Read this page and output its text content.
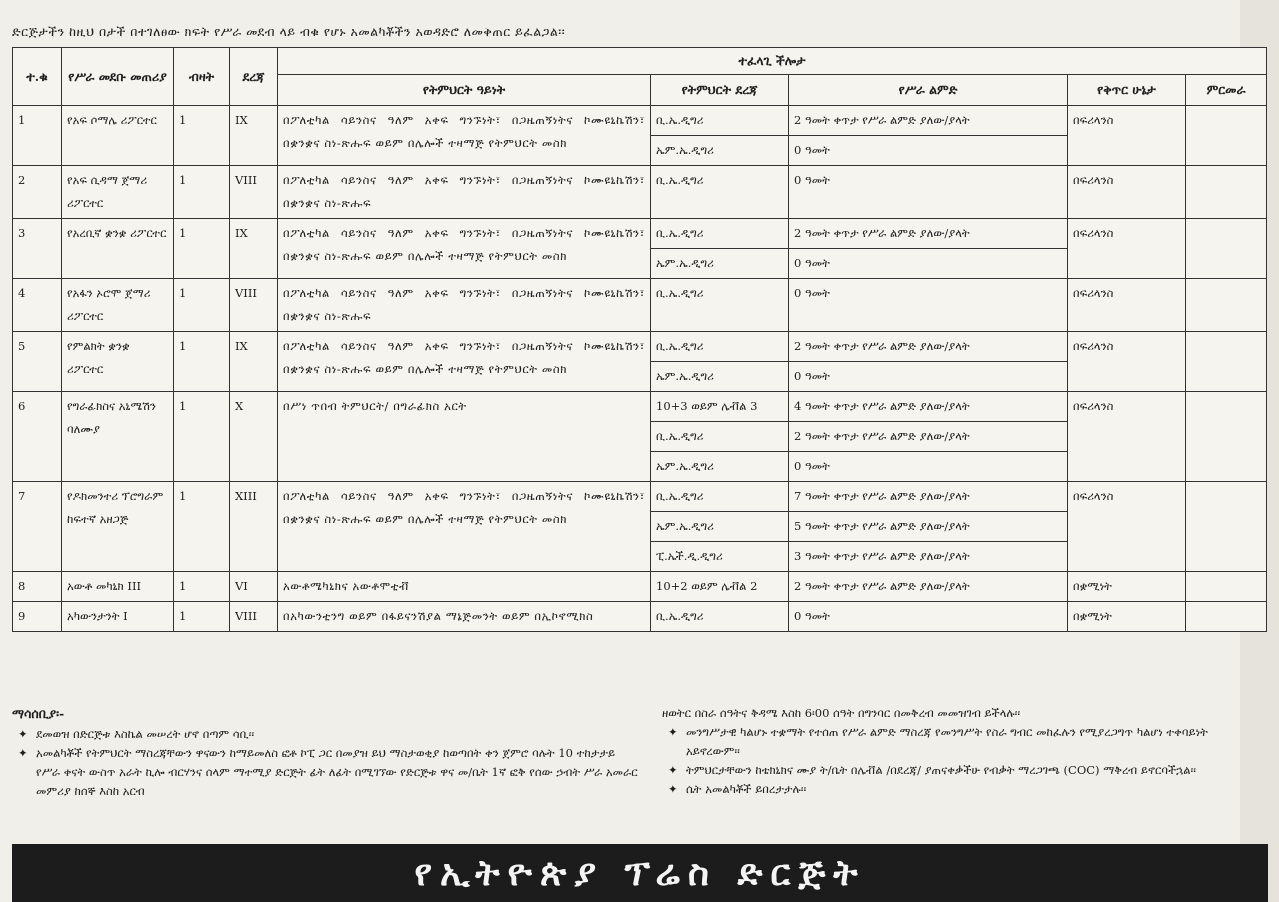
ድርጅታችን ከዚህ በታች በተገለፀው ክፍት የሥራ መደብ ላይ ብቁ የሆኑ አመልካቾችን አወዳድሮ ለመቅጠር ይፈልጋል፡፡
ተ.ቁ	የሥራ መደቡ መጠሪያ	ብዛት	ደረጃ	ተፈላጊ ችሎታ				
				የትምህርት ዓይነት	የትምህርት ደረጃ	የሥራ ልምድ	የቅጥር ሁኔታ	ምርመራ
1	የአፍ ሶማሌ ሪፖርተር	1	IX	በፖለቲካል ሳይንስና ዓለም አቀፍ ግንኙነት፣ በጋዜጠኝነትና ኮሙዩኒኬሽን፣ በቋንቋና ስነ-ጽሑፍ ወይም በሌሎች ተዛማጅ የትምህርት መስክ	ቢ.ኤ.ዲግሪ	2 ዓመት ቀጥታ የሥራ ልምድ ያለው/ያላት	በፍሪላንስ	
					ኤም.ኤ.ዲግሪ	0 ዓመት		
2	የአፍ ሲዳማ ጀማሪ ሪፖርተር	1	VIII	በፖለቲካል ሳይንስና ዓለም አቀፍ ግንኙነት፣ በጋዜጠኝነትና ኮሙዩኒኬሽን፣ በቋንቋና ስነ-ጽሑፍ	ቢ.ኤ.ዲግሪ	0 ዓመት	በፍሪላንስ	
3	የአረቢኛ ቋንቋ ሪፖርተር	1	IX	በፖለቲካል ሳይንስና ዓለም አቀፍ ግንኙነት፣ በጋዜጠኝነትና ኮሙዩኒኬሽን፣ በቋንቋና ስነ-ጽሑፍ ወይም በሌሎች ተዛማጅ የትምህርት መስክ	ቢ.ኤ.ዲግሪ	2 ዓመት ቀጥታ የሥራ ልምድ ያለው/ያላት	በፍሪላንስ	
					ኤም.ኤ.ዲግሪ	0 ዓመት		
4	የአፋን ኦሮሞ ጀማሪ ሪፖርተር	1	VIII	በፖለቲካል ሳይንስና ዓለም አቀፍ ግንኙነት፣ በጋዜጠኝነትና ኮሙዩኒኬሽን፣ በቋንቋና ስነ-ጽሑፍ	ቢ.ኤ.ዲግሪ	0 ዓመት	በፍሪላንስ	
5	የምልክት ቋንቋ ሪፖርተር	1	IX	በፖለቲካል ሳይንስና ዓለም አቀፍ ግንኙነት፣ በጋዜጠኝነትና ኮሙዩኒኬሽን፣ በቋንቋና ስነ-ጽሑፍ ወይም በሌሎች ተዛማጅ የትምህርት መስክ	ቢ.ኤ.ዲግሪ	2 ዓመት ቀጥታ የሥራ ልምድ ያለው/ያላት	በፍሪላንስ	
					ኤም.ኤ.ዲግሪ	0 ዓመት		
6	የግራፊክስና አኒሜሽን ባለሙያ	1	X	በሥነ ጥበብ ትምህርት/ በግራፊክስ አርት	10+3 ወይም ሌቭል 3	4 ዓመት ቀጥታ የሥራ ልምድ ያለው/ያላት	በፍሪላንስ	
					ቢ.ኤ.ዲግሪ	2 ዓመት ቀጥታ የሥራ ልምድ ያለው/ያላት		
					ኤም.ኤ.ዲግሪ	0 ዓመት		
7	የዶክመንተሪ ፕሮግራም ከፍተኛ አዘጋጅ	1	XIII	በፖለቲካል ሳይንስና ዓለም አቀፍ ግንኙነት፣ በጋዜጠኝነትና ኮሙዩኒኬሽን፣ በቋንቋና ስነ-ጽሑፍ ወይም በሌሎች ተዛማጅ የትምህርት መስክ	ቢ.ኤ.ዲግሪ	7 ዓመት ቀጥታ የሥራ ልምድ ያለው/ያላት	በፍሪላንስ	
					ኤም.ኤ.ዲግሪ	5 ዓመት ቀጥታ የሥራ ልምድ ያለው/ያላት		
					ፒ.ኤች.ዲ.ዲግሪ	3 ዓመት ቀጥታ የሥራ ልምድ ያለው/ያላት		
8	አውቶ መካኒክ III	1	VI	አውቶሜካኒክና አውቶሞቲቭ	10+2 ወይም ሌቭል 2	2 ዓመት ቀጥታ የሥራ ልምድ ያለው/ያላት	በቋሚነት	
9	አካውንታንት I	1	VIII	በአካውንቲንግ ወይም በፋይናንሽያል ማኔጅመንት ወይም በኢኮኖሚክስ	ቢ.ኤ.ዲግሪ	0 ዓመት	በቋሚነት	
ማሳሰቢያ፡-
✦ ደመወዝ በድርጅቱ እስኬል መሠረት ሆኖ በጣም ሳቢ፡፡
✦ አመልካቾች የትምህርት ማስረጃቸውን ዋናውን ከማይመለስ ፎቶ ኮፒ ጋር በመያዝ ይህ ማስታወቂያ ከወጣበት ቀን ጀምሮ ባሉት 10 ተከታታይ የሥራ ቀናት ውስጥ አራት ኪሎ ብርሃንና ሰላም ማተሚያ ድርጅት ፊት ለፊት በሚገኘው የድርጅቱ ዋና መ/ቤት 1ኛ ፎቅ የሰው ኃብት ሥራ አመራር መምሪያ ከሰኞ እስከ አርብ

ዘወትር በስራ ሰዓትና ቅዳሜ እስከ 6፡00 ሰዓት በግንባር በመቅረብ መመዝገብ ይችላሉ፡፡

✦ መንግሥታዊ ካልሆኑ ተቋማት የተሰጠ የሥራ ልምድ ማስረጃ የመንግሥት የስራ ግብር መከፈሉን የሚያረጋግጥ ካልሆነ ተቀባይነት አይኖረውም፡፡
✦ ትምህርታቸውን ከቴክኒክና ሙያ ት/ቤት በሌቭል /በደረጃ/ ያጠናቀቃችሁ የብቃት ማረጋገጫ (COC) ማቅረብ ይኖርባችኋል፡፡
✦ ሴት አመልካቾች ይበረታታሉ፡፡
የኢትዮጵያ ፕሬስ ድርጅት
